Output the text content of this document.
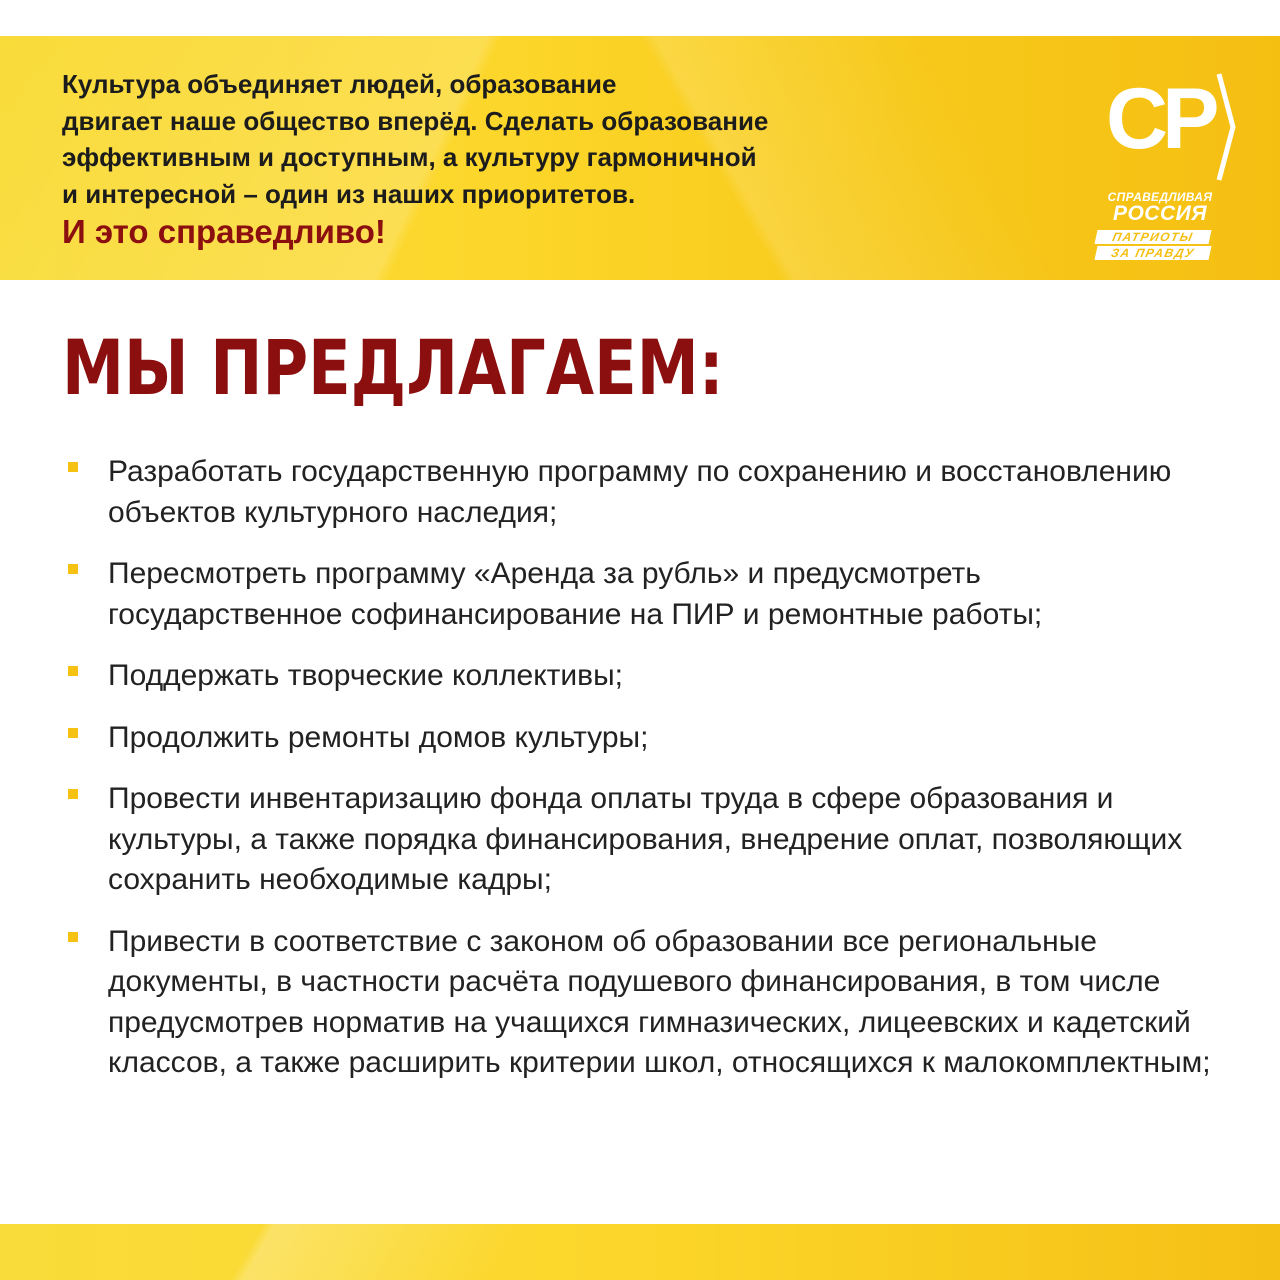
Культура объединяет людей, образование

двигает наше общество вперёд. Сделать образование

эффективным и доступным, а культуру гармоничной

и интересной – один из наших приоритетов.

И это справедливо!

СР
СПРАВЕДЛИВАЯ
РОССИЯ
ПАТРИОТЫ
ЗА ПРАВДУ
МЫ ПРЕДЛАГАЕМ:
Разработать государственную программу по сохранению и восстановлению объектов культурного наследия;
Пересмотреть программу «Аренда за рубль» и предусмотреть государственное софинансирование на ПИР и ремонтные работы;
Поддержать творческие коллективы;
Продолжить ремонты домов культуры;
Провести инвентаризацию фонда оплаты труда в сфере образования и культуры, а также порядка финансирования, внедрение оплат, позволяющих сохранить необходимые кадры;
Привести в соответствие с законом об образовании все региональные документы, в частности расчёта подушевого финансирования, в том числе предусмотрев норматив на учащихся гимназических, лицеевских и кадетский классов, а также расширить критерии школ, относящихся к малокомплектным;
